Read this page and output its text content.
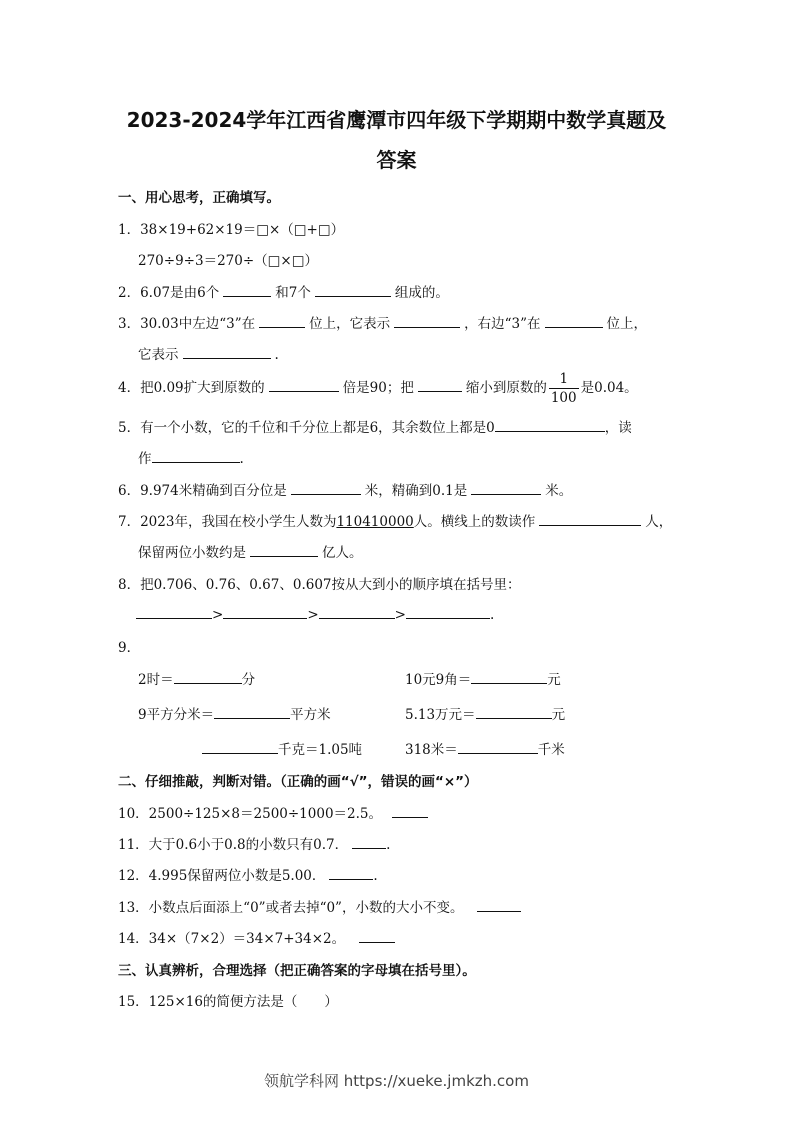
2023-2024学年江西省鹰潭市四年级下学期期中数学真题及
答案
一、用心思考，正确填写。
1．38×19+62×19＝□×（□+□）
270÷9÷3＝270÷（□×□）
2．6.07是由6个	和7个	组成的。
3．30.03中左边“3”在	位上，它表示	，右边“3”在	位上，
它表示	.
4．把0.09扩大到原数的	倍是90；把	缩小到原数的 $\frac{1}{100}$ 是0.04。
5．有一个小数，它的千位和千分位上都是6，其余数位上都是0	，读
作	.
6．9.974米精确到百分位是	米，精确到0.1是	米。
7．2023年，我国在校小学生人数为110410000人。横线上的数读作	人，
保留两位小数约是	亿人。
8．把0.706、0.76、0.67、0.607按从大到小的顺序填在括号里：
>	>	>	.
9．
2时＝	分	10元9角＝	元
9平方分米＝	平方米	5.13万元＝	元
千克＝1.05吨	318米＝	千米
二、仔细推敲，判断对错。（正确的画“√”，错误的画“×”）
10．2500÷125×8＝2500÷1000＝2.5。
11．大于0.6小于0.8的小数只有0.7．	.
12．4.995保留两位小数是5.00．	.
13．小数点后面添上“0”或者去掉“0”，小数的大小不变。
14．34×（7×2）＝34×7+34×2。
三、认真辨析，合理选择（把正确答案的字母填在括号里）。
15．125×16的简便方法是（　　）
领航学科网 https://xueke.jmkzh.com
